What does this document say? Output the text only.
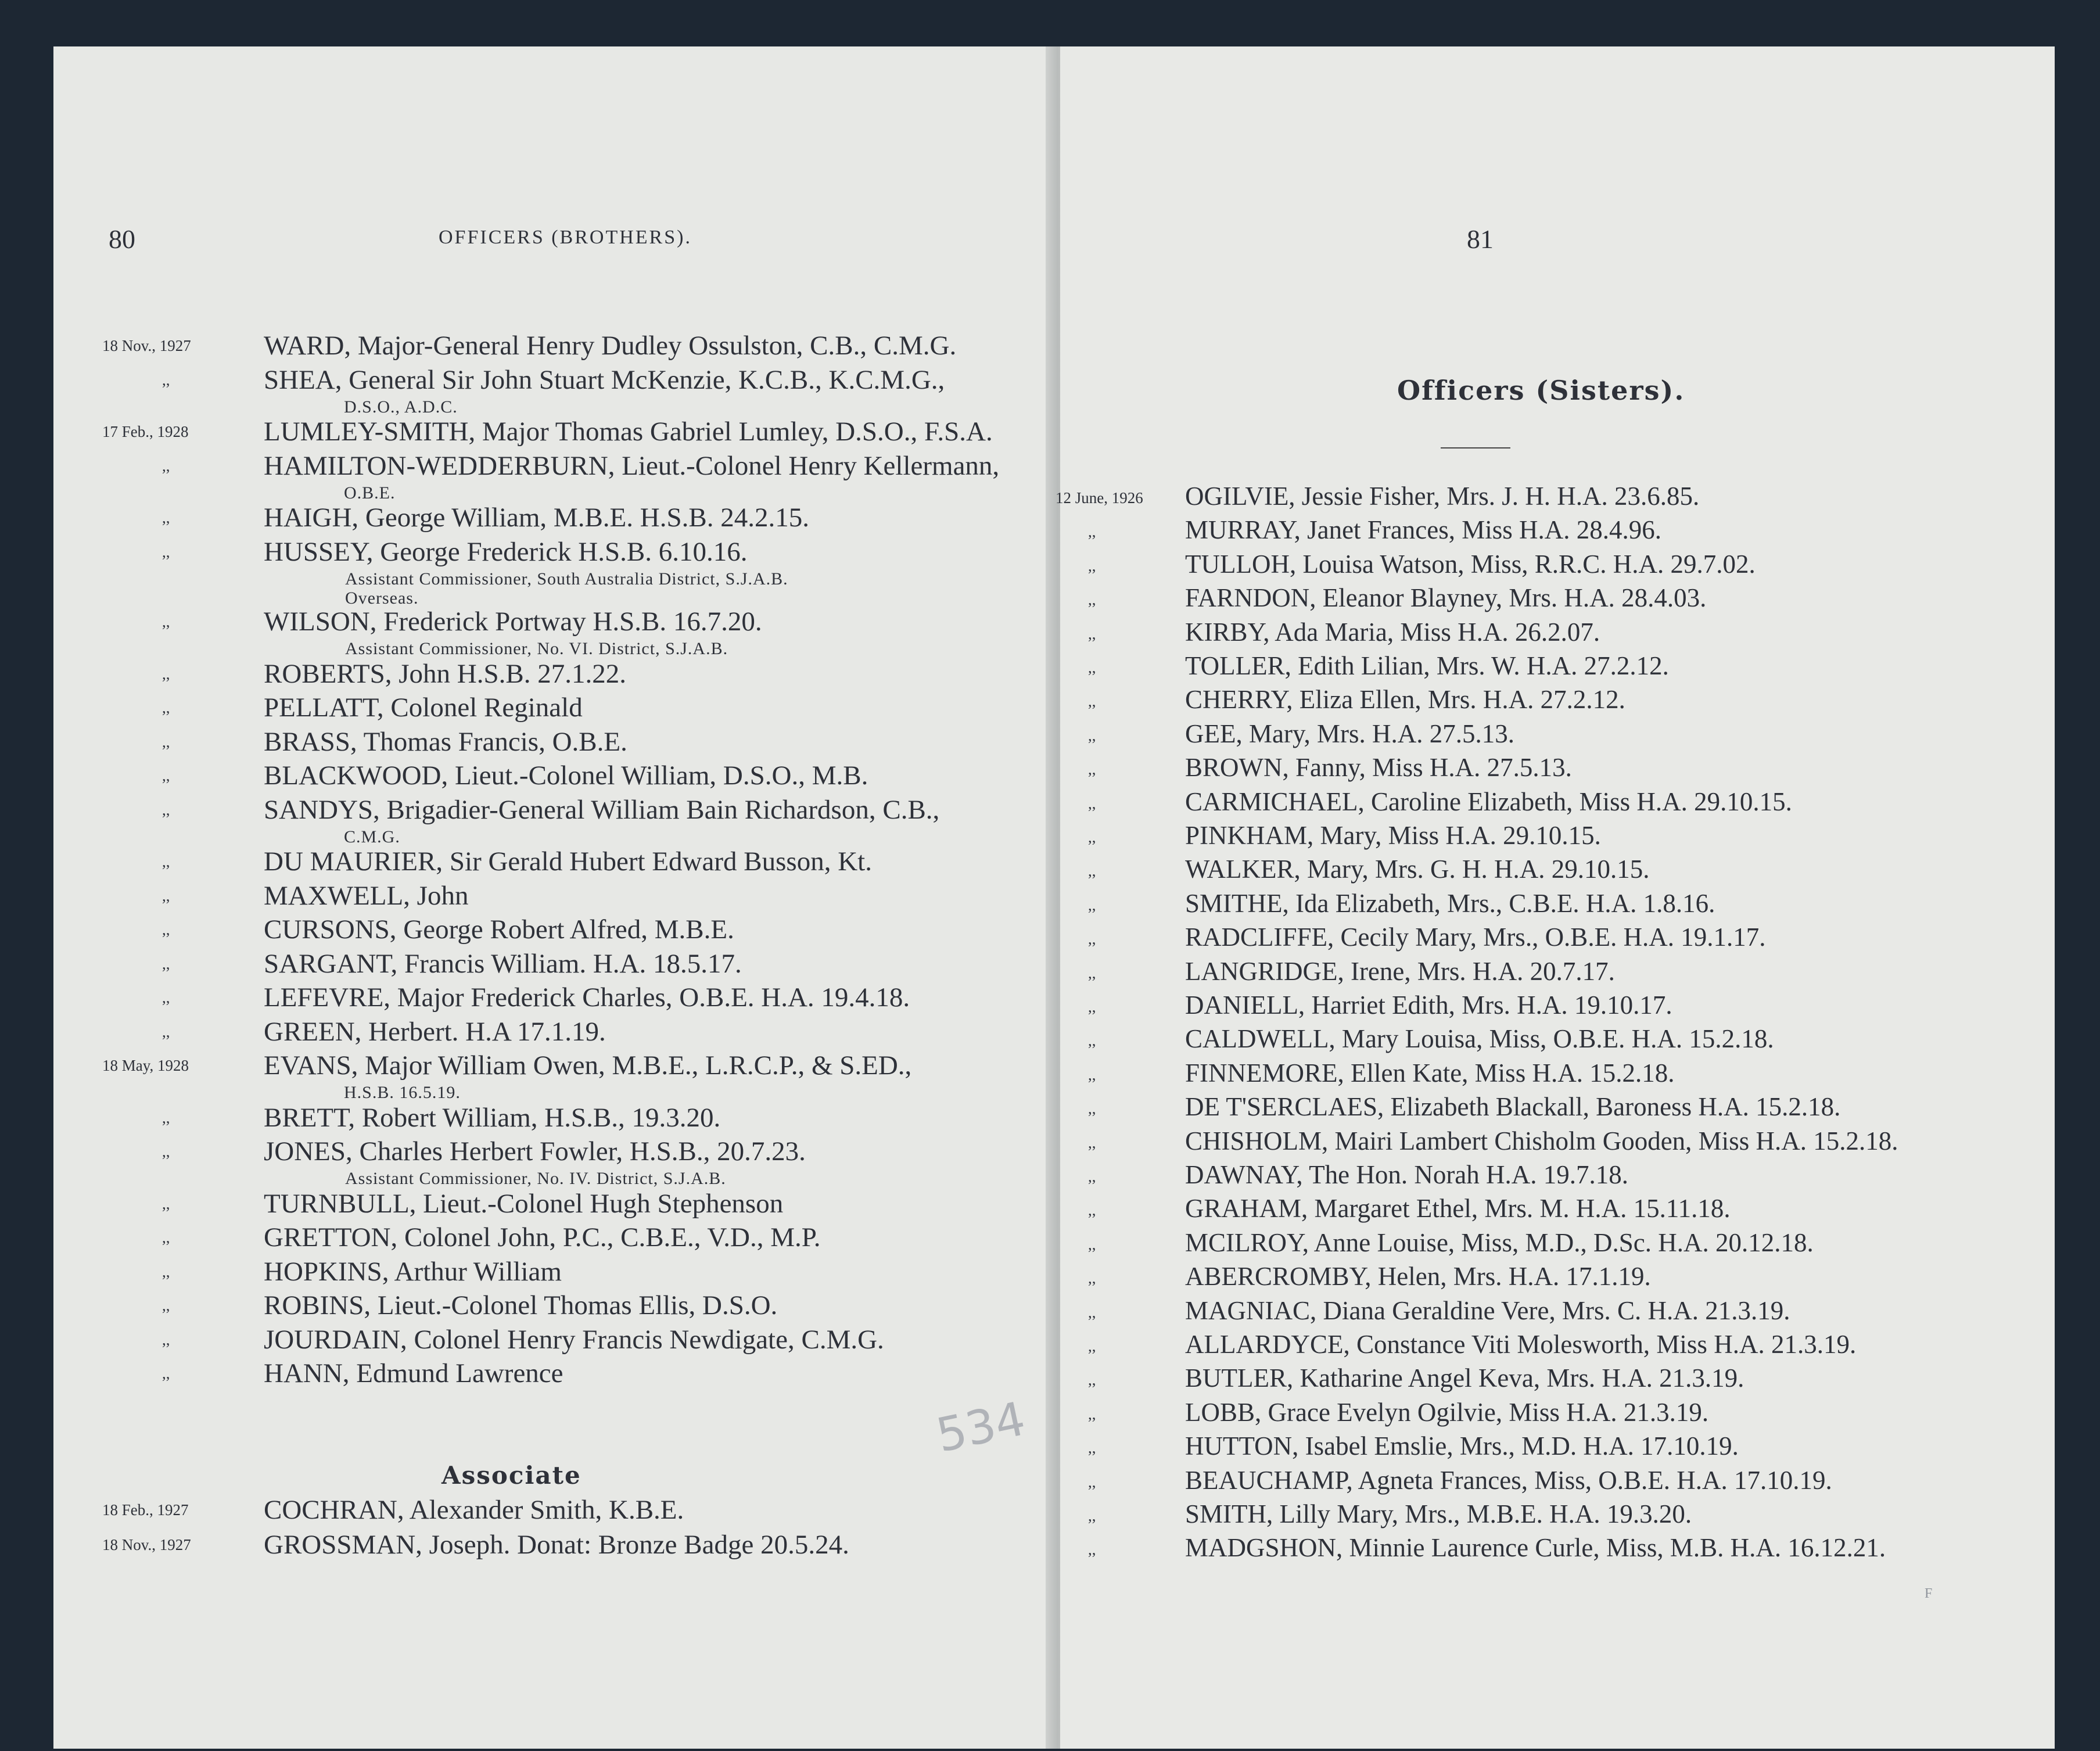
80	OFFICERS (BROTHERS).
18 Nov., 1927	WARD, Major-General Henry Dudley Ossulston, C.B., C.M.G.
,,	SHEA, General Sir John Stuart McKenzie, K.C.B., K.C.M.G.,
D.S.O., A.D.C.
17 Feb., 1928	LUMLEY-SMITH, Major Thomas Gabriel Lumley, D.S.O., F.S.A.
,,	HAMILTON-WEDDERBURN, Lieut.-Colonel Henry Kellermann,
O.B.E.
,,	HAIGH, George William, M.B.E. H.S.B. 24.2.15.
,,	HUSSEY, George Frederick H.S.B. 6.10.16.
Assistant Commissioner, South Australia District, S.J.A.B.
Overseas.
,,	WILSON, Frederick Portway H.S.B. 16.7.20.
Assistant Commissioner, No. VI. District, S.J.A.B.
,,	ROBERTS, John H.S.B. 27.1.22.
,,	PELLATT, Colonel Reginald
,,	BRASS, Thomas Francis, O.B.E.
,,	BLACKWOOD, Lieut.-Colonel William, D.S.O., M.B.
,,	SANDYS, Brigadier-General William Bain Richardson, C.B.,
C.M.G.
,,	DU MAURIER, Sir Gerald Hubert Edward Busson, Kt.
,,	MAXWELL, John
,,	CURSONS, George Robert Alfred, M.B.E.
,,	SARGANT, Francis William. H.A. 18.5.17.
,,	LEFEVRE, Major Frederick Charles, O.B.E. H.A. 19.4.18.
,,	GREEN, Herbert. H.A 17.1.19.
18 May, 1928	EVANS, Major William Owen, M.B.E., L.R.C.P., & S.ED.,
H.S.B. 16.5.19.
,,	BRETT, Robert William, H.S.B., 19.3.20.
,,	JONES, Charles Herbert Fowler, H.S.B., 20.7.23.
Assistant Commissioner, No. IV. District, S.J.A.B.
,,	TURNBULL, Lieut.-Colonel Hugh Stephenson
,,	GRETTON, Colonel John, P.C., C.B.E., V.D., M.P.
,,	HOPKINS, Arthur William
,,	ROBINS, Lieut.-Colonel Thomas Ellis, D.S.O.
,,	JOURDAIN, Colonel Henry Francis Newdigate, C.M.G.
,,	HANN, Edmund Lawrence
Associate
18 Feb., 1927	COCHRAN, Alexander Smith, K.B.E.
18 Nov., 1927	GROSSMAN, Joseph. Donat: Bronze Badge 20.5.24.
534
81
Officers (Sisters).
12 June, 1926 OGILVIE, Jessie Fisher, Mrs. J. H. H.A. 23.6.85.
,,	MURRAY, Janet Frances, Miss H.A. 28.4.96.
,,	TULLOH, Louisa Watson, Miss, R.R.C. H.A. 29.7.02.
,,	FARNDON, Eleanor Blayney, Mrs. H.A. 28.4.03.
,,	KIRBY, Ada Maria, Miss H.A. 26.2.07.
,,	TOLLER, Edith Lilian, Mrs. W. H.A. 27.2.12.
,,	CHERRY, Eliza Ellen, Mrs. H.A. 27.2.12.
,,	GEE, Mary, Mrs. H.A. 27.5.13.
,,	BROWN, Fanny, Miss H.A. 27.5.13.
,,	CARMICHAEL, Caroline Elizabeth, Miss H.A. 29.10.15.
,,	PINKHAM, Mary, Miss H.A. 29.10.15.
,,	WALKER, Mary, Mrs. G. H. H.A. 29.10.15.
,,	SMITHE, Ida Elizabeth, Mrs., C.B.E. H.A. 1.8.16.
,,	RADCLIFFE, Cecily Mary, Mrs., O.B.E. H.A. 19.1.17.
,,	LANGRIDGE, Irene, Mrs. H.A. 20.7.17.
,,	DANIELL, Harriet Edith, Mrs. H.A. 19.10.17.
,,	CALDWELL, Mary Louisa, Miss, O.B.E. H.A. 15.2.18.
,,	FINNEMORE, Ellen Kate, Miss H.A. 15.2.18.
,,	DE T'SERCLAES, Elizabeth Blackall, Baroness H.A. 15.2.18.
,,	CHISHOLM, Mairi Lambert Chisholm Gooden, Miss H.A. 15.2.18.
,,	DAWNAY, The Hon. Norah H.A. 19.7.18.
,,	GRAHAM, Margaret Ethel, Mrs. M. H.A. 15.11.18.
,,	MCILROY, Anne Louise, Miss, M.D., D.Sc. H.A. 20.12.18.
,,	ABERCROMBY, Helen, Mrs. H.A. 17.1.19.
,,	MAGNIAC, Diana Geraldine Vere, Mrs. C. H.A. 21.3.19.
,,	ALLARDYCE, Constance Viti Molesworth, Miss H.A. 21.3.19.
,,	BUTLER, Katharine Angel Keva, Mrs. H.A. 21.3.19.
,,	LOBB, Grace Evelyn Ogilvie, Miss H.A. 21.3.19.
,,	HUTTON, Isabel Emslie, Mrs., M.D. H.A. 17.10.19.
,,	BEAUCHAMP, Agneta Frances, Miss, O.B.E. H.A. 17.10.19.
,,	SMITH, Lilly Mary, Mrs., M.B.E. H.A. 19.3.20.
,,	MADGSHON, Minnie Laurence Curle, Miss, M.B. H.A. 16.12.21.
F
